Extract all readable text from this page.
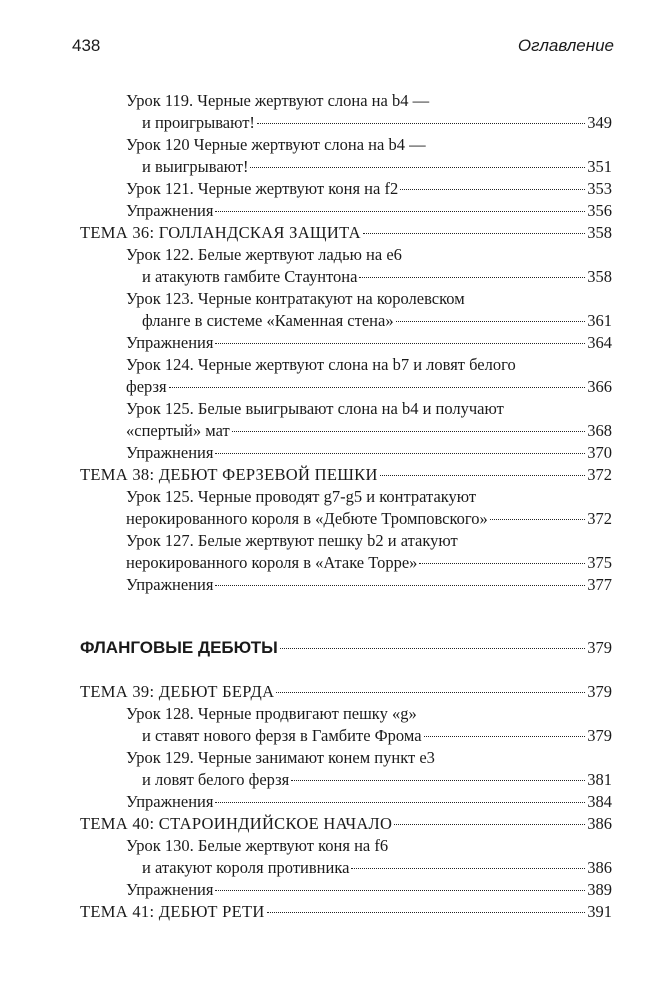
438	Оглавление
Урок 119. Черные жертвуют слона на b4 —
и проигрывают!	349
Урок 120 Черные жертвуют слона на b4 —
и выигрывают!	351
Урок 121. Черные жертвуют коня на f2	353
Упражнения	356
ТЕМА 36: ГОЛЛАНДСКАЯ ЗАЩИТА	358
Урок 122. Белые жертвуют ладью на е6
и атакуютв гамбите Стаунтона	358
Урок 123. Черные контратакуют на королевском
фланге в системе «Каменная стена»	361
Упражнения	364
Урок 124. Черные жертвуют слона на b7 и ловят белого
ферзя	366
Урок 125. Белые выигрывают слона на b4 и получают
«спертый» мат	368
Упражнения	370
ТЕМА 38: ДЕБЮТ ФЕРЗЕВОЙ ПЕШКИ	372
Урок 125. Черные проводят g7-g5 и контратакуют
нерокированного короля в «Дебюте Тромповского»	372
Урок 127. Белые жертвуют пешку b2 и атакуют
нерокированного короля в «Атаке Торре»	375
Упражнения	377
ФЛАНГОВЫЕ ДЕБЮТЫ	379
ТЕМА 39: ДЕБЮТ БЕРДА	379
Урок 128. Черные продвигают пешку «g»
и ставят нового ферзя в Гамбите Фрома	379
Урок 129. Черные занимают конем пункт е3
и ловят белого ферзя	381
Упражнения	384
ТЕМА 40: СТАРОИНДИЙСКОЕ НАЧАЛО	386
Урок 130. Белые жертвуют коня на f6
и атакуют короля противника	386
Упражнения	389
ТЕМА 41: ДЕБЮТ РЕТИ	391
